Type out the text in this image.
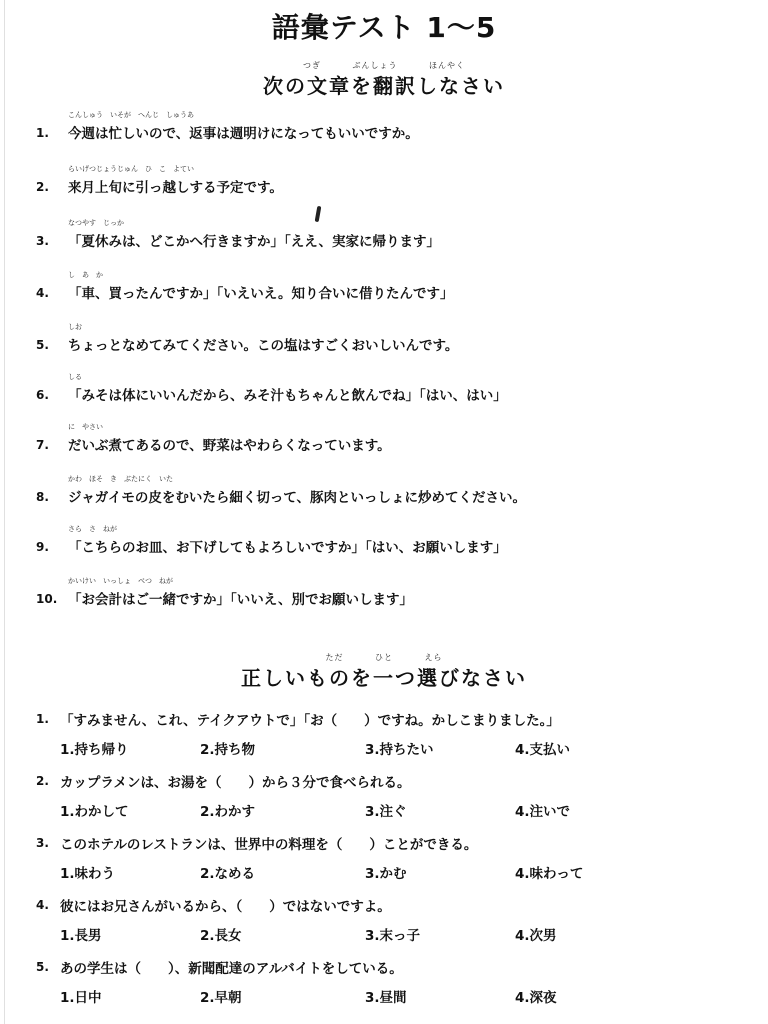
語彙テスト 1〜5
つぎ	ぶんしょう	ほんやく
次の文章を翻訳しなさい
こんしゅう　いそが　へんじ　しゅうあ
1. 今週は忙しいので、返事は週明けになってもいいですか。
らいげつじょうじゅん　ひ　こ　よてい
2. 来月上旬に引っ越しする予定です。
なつやす　じっか
3. 「夏休みは、どこかへ行きますか」「ええ、実家に帰ります」
し　あ　か
4. 「車、買ったんですか」「いえいえ。知り合いに借りたんです」
しお
5. ちょっとなめてみてください。この塩はすごくおいしいんです。
しる
6. 「みそは体にいいんだから、みそ汁もちゃんと飲んでね」「はい、はい」
に　やさい
7. だいぶ煮てあるので、野菜はやわらくなっています。
かわ　ほそ　き　ぶたにく　いた
8. ジャガイモの皮をむいたら細く切って、豚肉といっしょに炒めてください。
さら　さ　ねが
9. 「こちらのお皿、お下げしてもよろしいですか」「はい、お願いします」
かいけい　いっしょ　べつ　ねが
10. 「お会計はご一緒ですか」「いいえ、別でお願いします」
ただ	ひと	えら
正しいものを一つ選びなさい
1. 「すみません、これ、テイクアウトで」「お（　　）ですね。かしこまりました。」
1.持ち帰り	2.持ち物	3.持ちたい	4.支払い
2. カップラメンは、お湯を（　　）から３分で食べられる。
1.わかして	2.わかす	3.注ぐ	4.注いで
3. このホテルのレストランは、世界中の料理を（　　）ことができる。
1.味わう	2.なめる	3.かむ	4.味わって
4. 彼にはお兄さんがいるから、（　　）ではないですよ。
1.長男	2.長女	3.末っ子	4.次男
5. あの学生は（　　）、新聞配達のアルバイトをしている。
1.日中	2.早朝	3.昼間	4.深夜
